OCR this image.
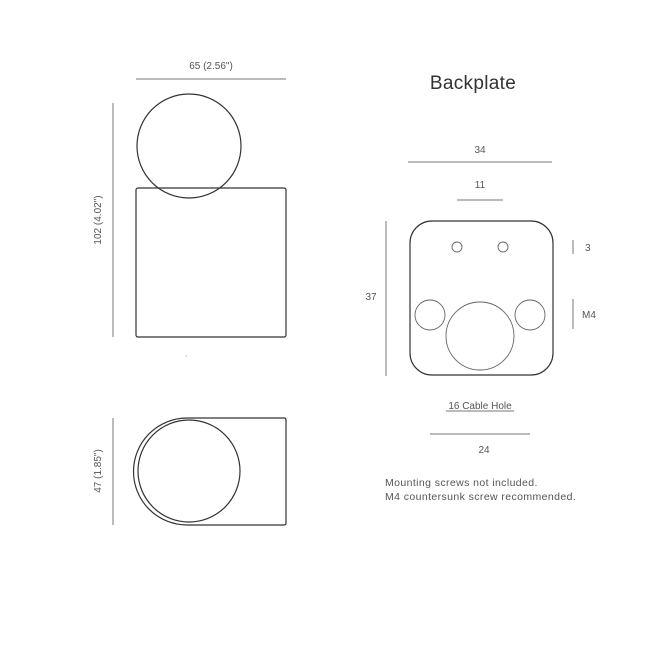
65 (2.56")
102 (4.02")
47 (1.85")
Backplate
34
11
37
3
M4
16 Cable Hole
24
Mounting screws not included.
M4 countersunk screw recommended.
